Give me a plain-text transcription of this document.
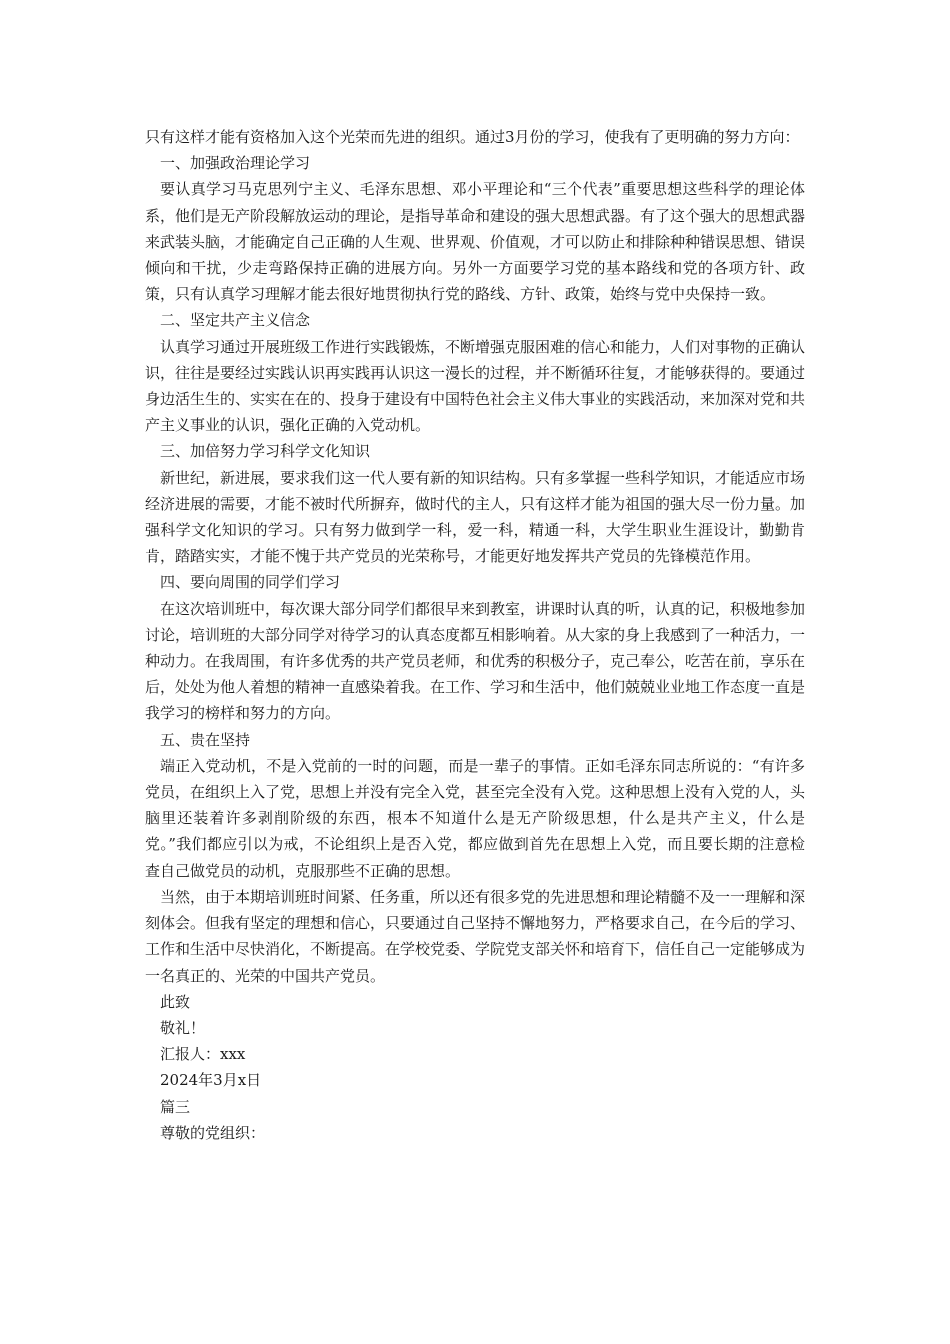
只有这样才能有资格加入这个光荣而先进的组织。通过3月份的学习，使我有了更明确的努力方向：

一、加强政治理论学习

要认真学习马克思列宁主义、毛泽东思想、邓小平理论和“三个代表”重要思想这些科学的理论体系，他们是无产阶段解放运动的理论，是指导革命和建设的强大思想武器。有了这个强大的思想武器来武装头脑，才能确定自己正确的人生观、世界观、价值观，才可以防止和排除种种错误思想、错误倾向和干扰，少走弯路保持正确的进展方向。另外一方面要学习党的基本路线和党的各项方针、政策，只有认真学习理解才能去很好地贯彻执行党的路线、方针、政策，始终与党中央保持一致。

二、坚定共产主义信念

认真学习通过开展班级工作进行实践锻炼，不断增强克服困难的信心和能力，人们对事物的正确认识，往往是要经过实践认识再实践再认识这一漫长的过程，并不断循环往复，才能够获得的。要通过身边活生生的、实实在在的、投身于建设有中国特色社会主义伟大事业的实践活动，来加深对党和共产主义事业的认识，强化正确的入党动机。

三、加倍努力学习科学文化知识

新世纪，新进展，要求我们这一代人要有新的知识结构。只有多掌握一些科学知识，才能适应市场经济进展的需要，才能不被时代所摒弃，做时代的主人，只有这样才能为祖国的强大尽一份力量。加强科学文化知识的学习。只有努力做到学一科，爱一科，精通一科，大学生职业生涯设计，勤勤肯肯，踏踏实实，才能不愧于共产党员的光荣称号，才能更好地发挥共产党员的先锋模范作用。

四、要向周围的同学们学习

在这次培训班中，每次课大部分同学们都很早来到教室，讲课时认真的听，认真的记，积极地参加讨论，培训班的大部分同学对待学习的认真态度都互相影响着。从大家的身上我感到了一种活力，一种动力。在我周围，有许多优秀的共产党员老师，和优秀的积极分子，克己奉公，吃苦在前，享乐在后，处处为他人着想的精神一直感染着我。在工作、学习和生活中，他们兢兢业业地工作态度一直是我学习的榜样和努力的方向。

五、贵在坚持

端正入党动机，不是入党前的一时的问题，而是一辈子的事情。正如毛泽东同志所说的：“有许多党员，在组织上入了党，思想上并没有完全入党，甚至完全没有入党。这种思想上没有入党的人，头脑里还装着许多剥削阶级的东西，根本不知道什么是无产阶级思想，什么是共产主义，什么是党。”我们都应引以为戒，不论组织上是否入党，都应做到首先在思想上入党，而且要长期的注意检查自己做党员的动机，克服那些不正确的思想。

当然，由于本期培训班时间紧、任务重，所以还有很多党的先进思想和理论精髓不及一一理解和深刻体会。但我有坚定的理想和信心，只要通过自己坚持不懈地努力，严格要求自己，在今后的学习、工作和生活中尽快消化，不断提高。在学校党委、学院党支部关怀和培育下，信任自己一定能够成为一名真正的、光荣的中国共产党员。

此致

敬礼！

汇报人：xxx

2024年3月x日

篇三

尊敬的党组织：
